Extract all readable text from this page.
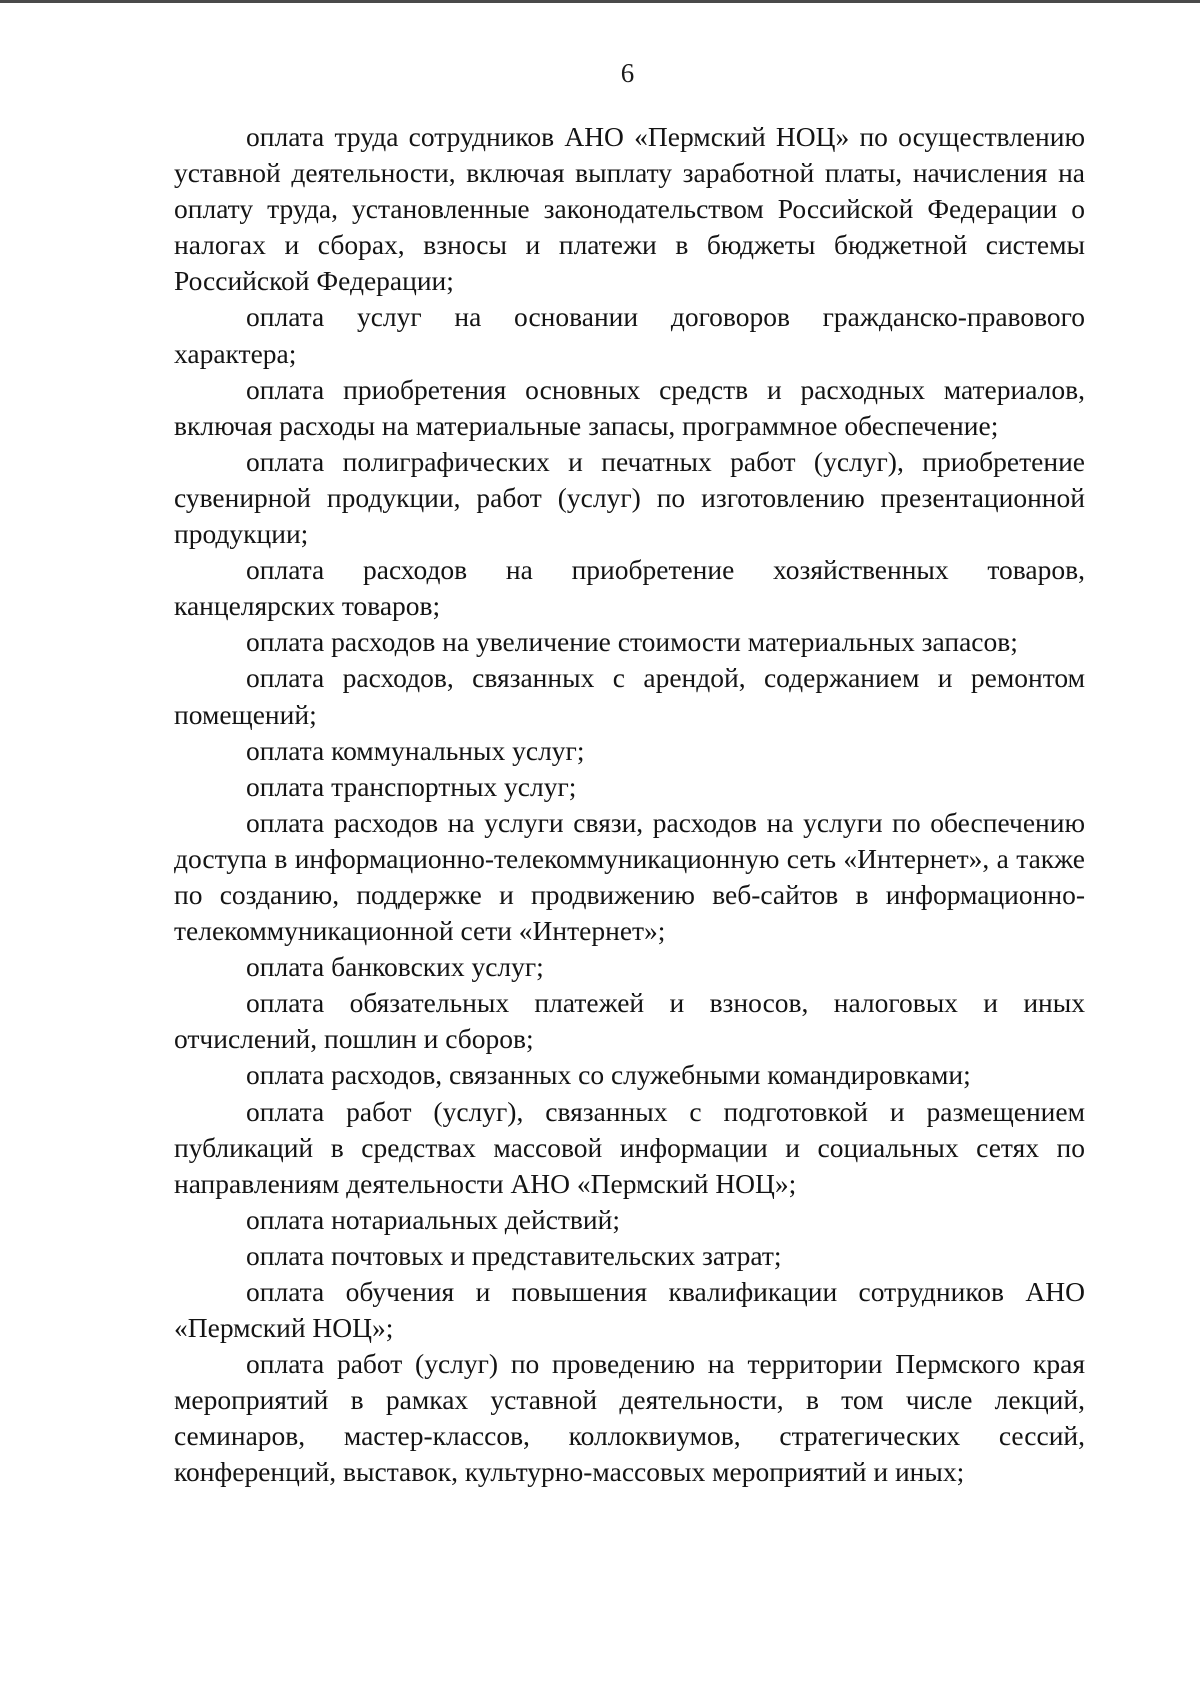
6

оплата труда сотрудников АНО «Пермский НОЦ» по осуществлению уставной деятельности, включая выплату заработной платы, начисления на оплату труда, установленные законодательством Российской Федерации о налогах и сборах, взносы и платежи в бюджеты бюджетной системы Российской Федерации;

оплата услуг на основании договоров гражданско-правового характера;

оплата приобретения основных средств и расходных материалов, включая расходы на материальные запасы, программное обеспечение;

оплата полиграфических и печатных работ (услуг), приобретение сувенирной продукции, работ (услуг) по изготовлению презентационной продукции;

оплата расходов на приобретение хозяйственных товаров, канцелярских товаров;

оплата расходов на увеличение стоимости материальных запасов;

оплата расходов, связанных с арендой, содержанием и ремонтом помещений;

оплата коммунальных услуг;

оплата транспортных услуг;

оплата расходов на услуги связи, расходов на услуги по обеспечению доступа в информационно-телекоммуникационную сеть «Интернет», а также по созданию, поддержке и продвижению веб-сайтов в информационно-телекоммуникационной сети «Интернет»;

оплата банковских услуг;

оплата обязательных платежей и взносов, налоговых и иных отчислений, пошлин и сборов;

оплата расходов, связанных со служебными командировками;

оплата работ (услуг), связанных с подготовкой и размещением публикаций в средствах массовой информации и социальных сетях по направлениям деятельности АНО «Пермский НОЦ»;

оплата нотариальных действий;

оплата почтовых и представительских затрат;

оплата обучения и повышения квалификации сотрудников АНО «Пермский НОЦ»;

оплата работ (услуг) по проведению на территории Пермского края мероприятий в рамках уставной деятельности, в том числе лекций, семинаров, мастер-классов, коллоквиумов, стратегических сессий, конференций, выставок, культурно-массовых мероприятий и иных;
